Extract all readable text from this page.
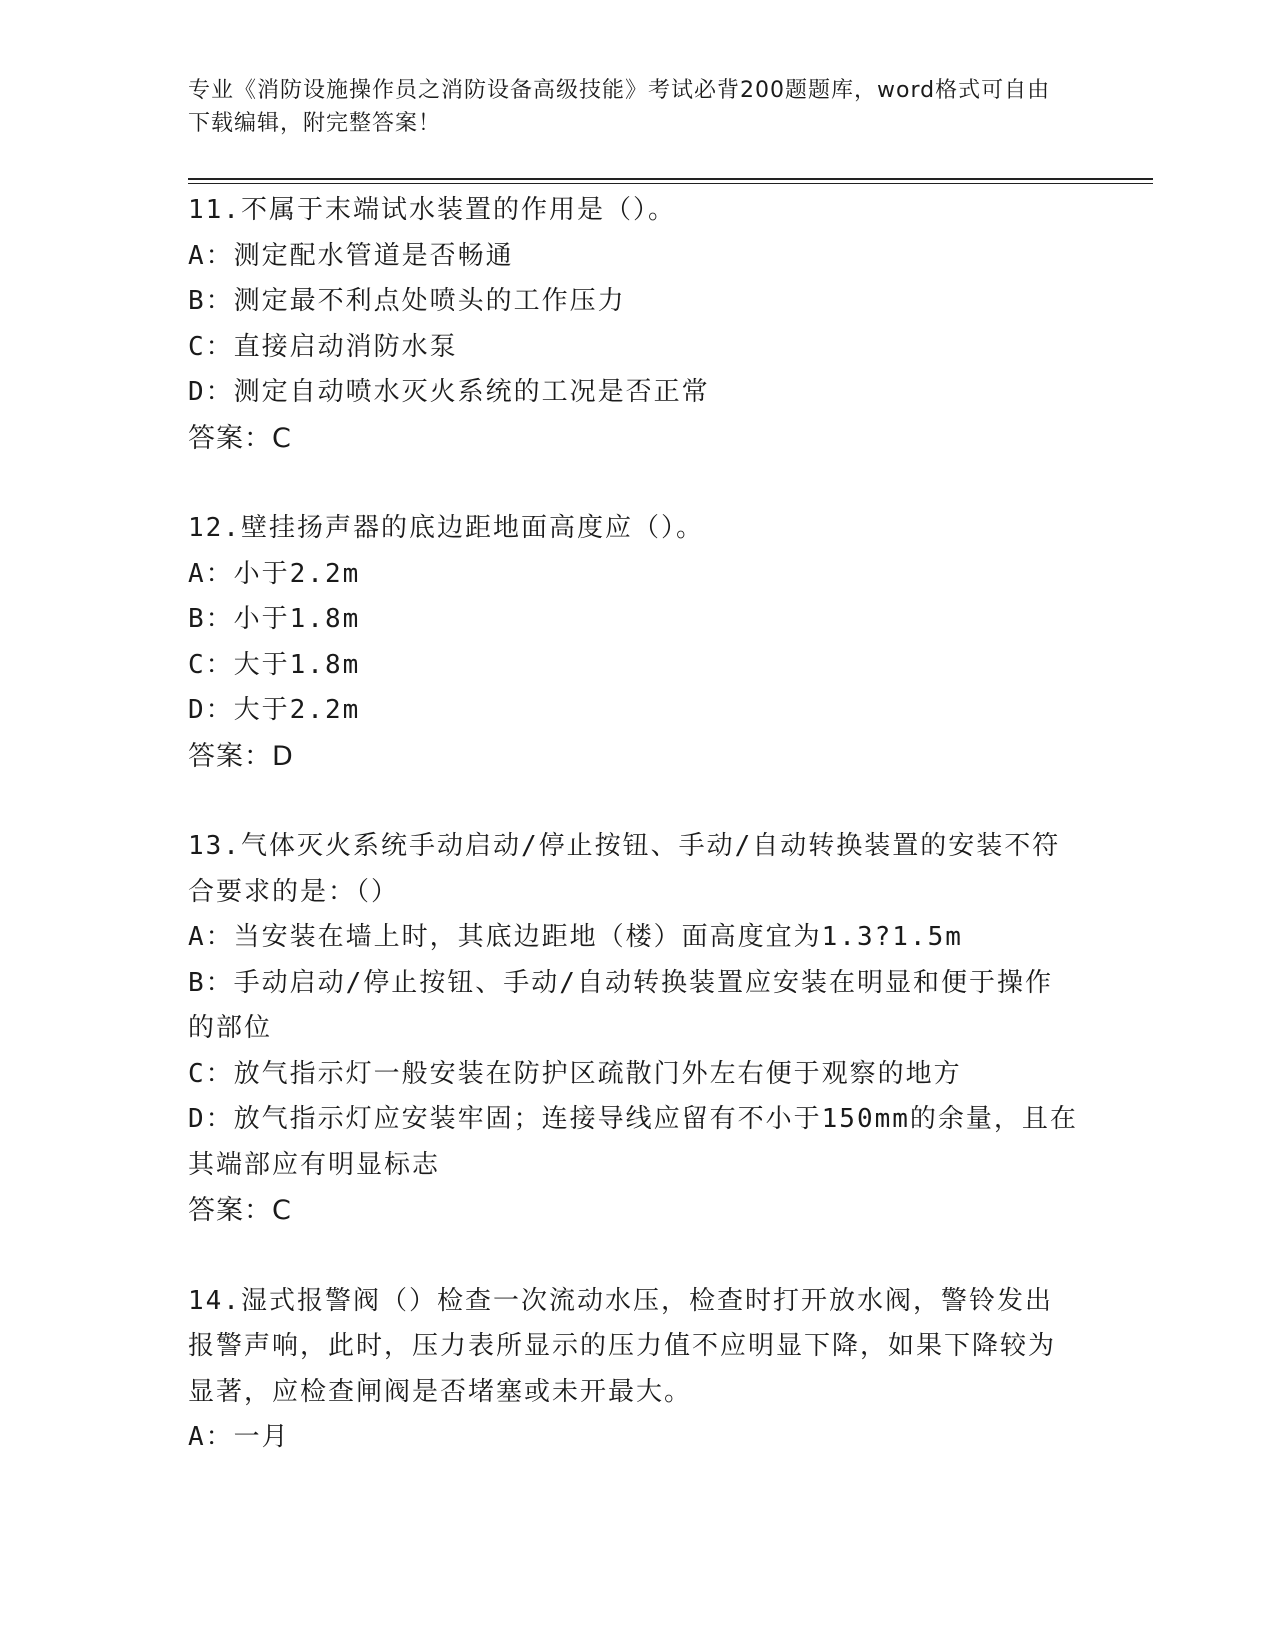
专业《消防设施操作员之消防设备高级技能》考试必背200题题库，word格式可自由下载编辑，附完整答案！
11.不属于末端试水装置的作用是（）。
A：测定配水管道是否畅通
B：测定最不利点处喷头的工作压力
C：直接启动消防水泵
D：测定自动喷水灭火系统的工况是否正常
答案：C
12.壁挂扬声器的底边距地面高度应（）。
A：小于2.2m
B：小于1.8m
C：大于1.8m
D：大于2.2m
答案：D
13.气体灭火系统手动启动/停止按钮、手动/自动转换装置的安装不符合要求的是：（）
A：当安装在墙上时，其底边距地（楼）面高度宜为1.3?1.5m
B：手动启动/停止按钮、手动/自动转换装置应安装在明显和便于操作的部位
C：放气指示灯一般安装在防护区疏散门外左右便于观察的地方
D：放气指示灯应安装牢固；连接导线应留有不小于150mm的余量，且在其端部应有明显标志
答案：C
14.湿式报警阀（）检查一次流动水压，检查时打开放水阀，警铃发出报警声响，此时，压力表所显示的压力值不应明显下降，如果下降较为显著，应检查闸阀是否堵塞或未开最大。
A：一月
